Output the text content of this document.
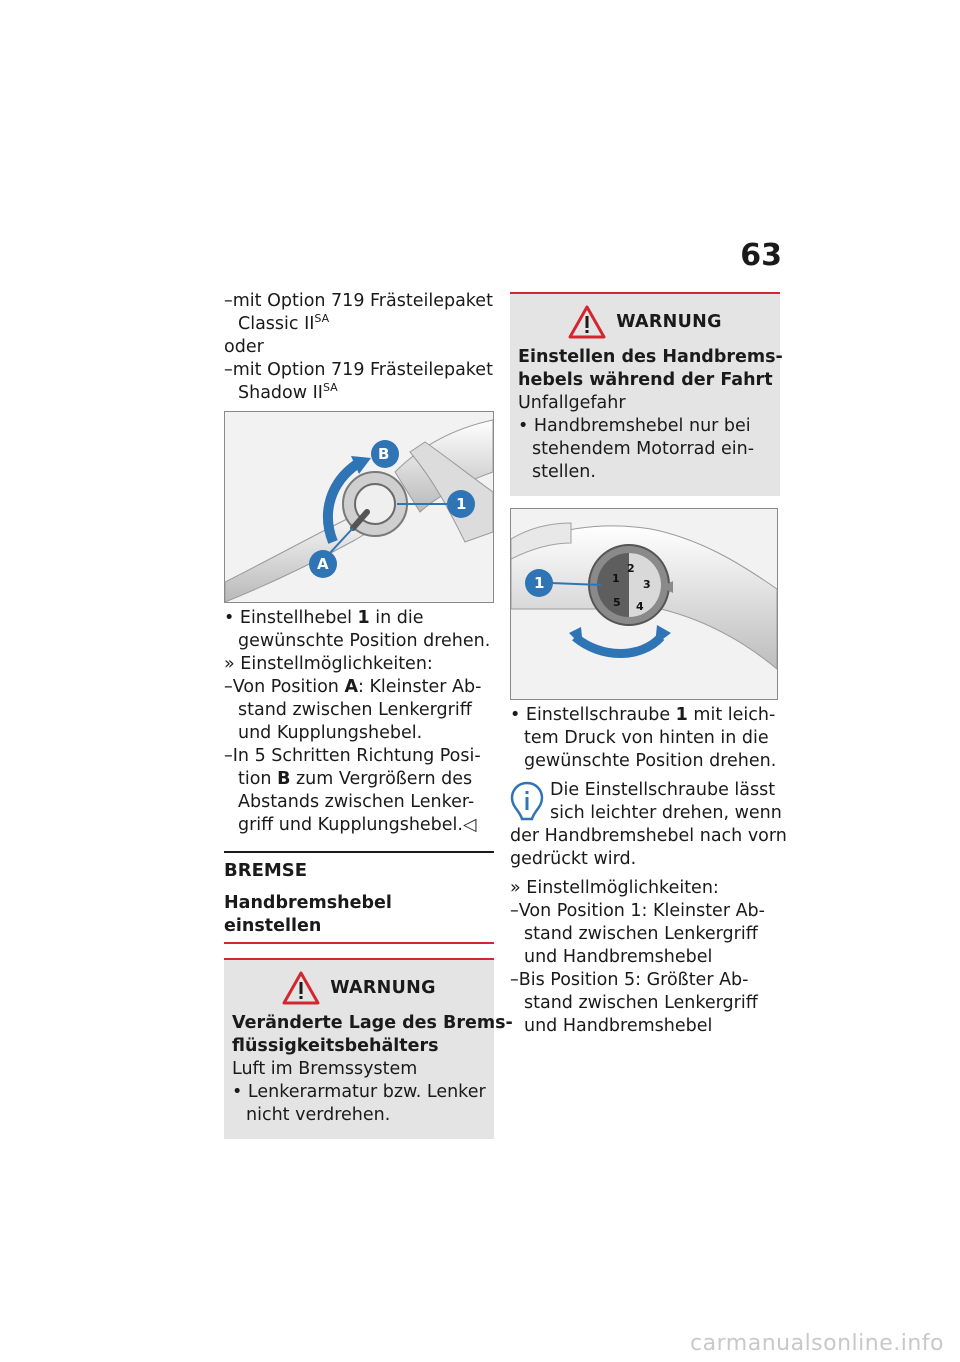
63
–mit Option 719 Frästeilepaket
Classic $II^{SA}$
oder
–mit Option 719 Frästeilepaket
Shadow $II^{SA}$
B
1
A
• Einstellhebel 1 in die
gewünschte Position drehen.
» Einstellmöglichkeiten:
–Von Position A: Kleinster Ab-
stand zwischen Lenkergriff
und Kupplungshebel.
–In 5 Schritten Richtung Posi-
tion B zum Vergrößern des
Abstands zwischen Lenker-
griff und Kupplungshebel.◁
BREMSE
Handbremshebel einstellen
WARNUNG
Veränderte Lage des Brems-
flüssigkeitsbehälters
Luft im Bremssystem
• Lenkerarmatur bzw. Lenker
nicht verdrehen.
WARNUNG
Einstellen des Handbrems-
hebels während der Fahrt
Unfallgefahr
• Handbremshebel nur bei
stehendem Motorrad ein-
stellen.
1	1
2
3
4
5
• Einstellschraube 1 mit leich-
tem Druck von hinten in die
gewünschte Position drehen.
Die Einstellschraube lässt
sich leichter drehen, wenn
der Handbremshebel nach vorn
gedrückt wird.
» Einstellmöglichkeiten:
–Von Position 1: Kleinster Ab-
stand zwischen Lenkergriff
und Handbremshebel
–Bis Position 5: Größter Ab-
stand zwischen Lenkergriff
und Handbremshebel
carmanualsonline.info
